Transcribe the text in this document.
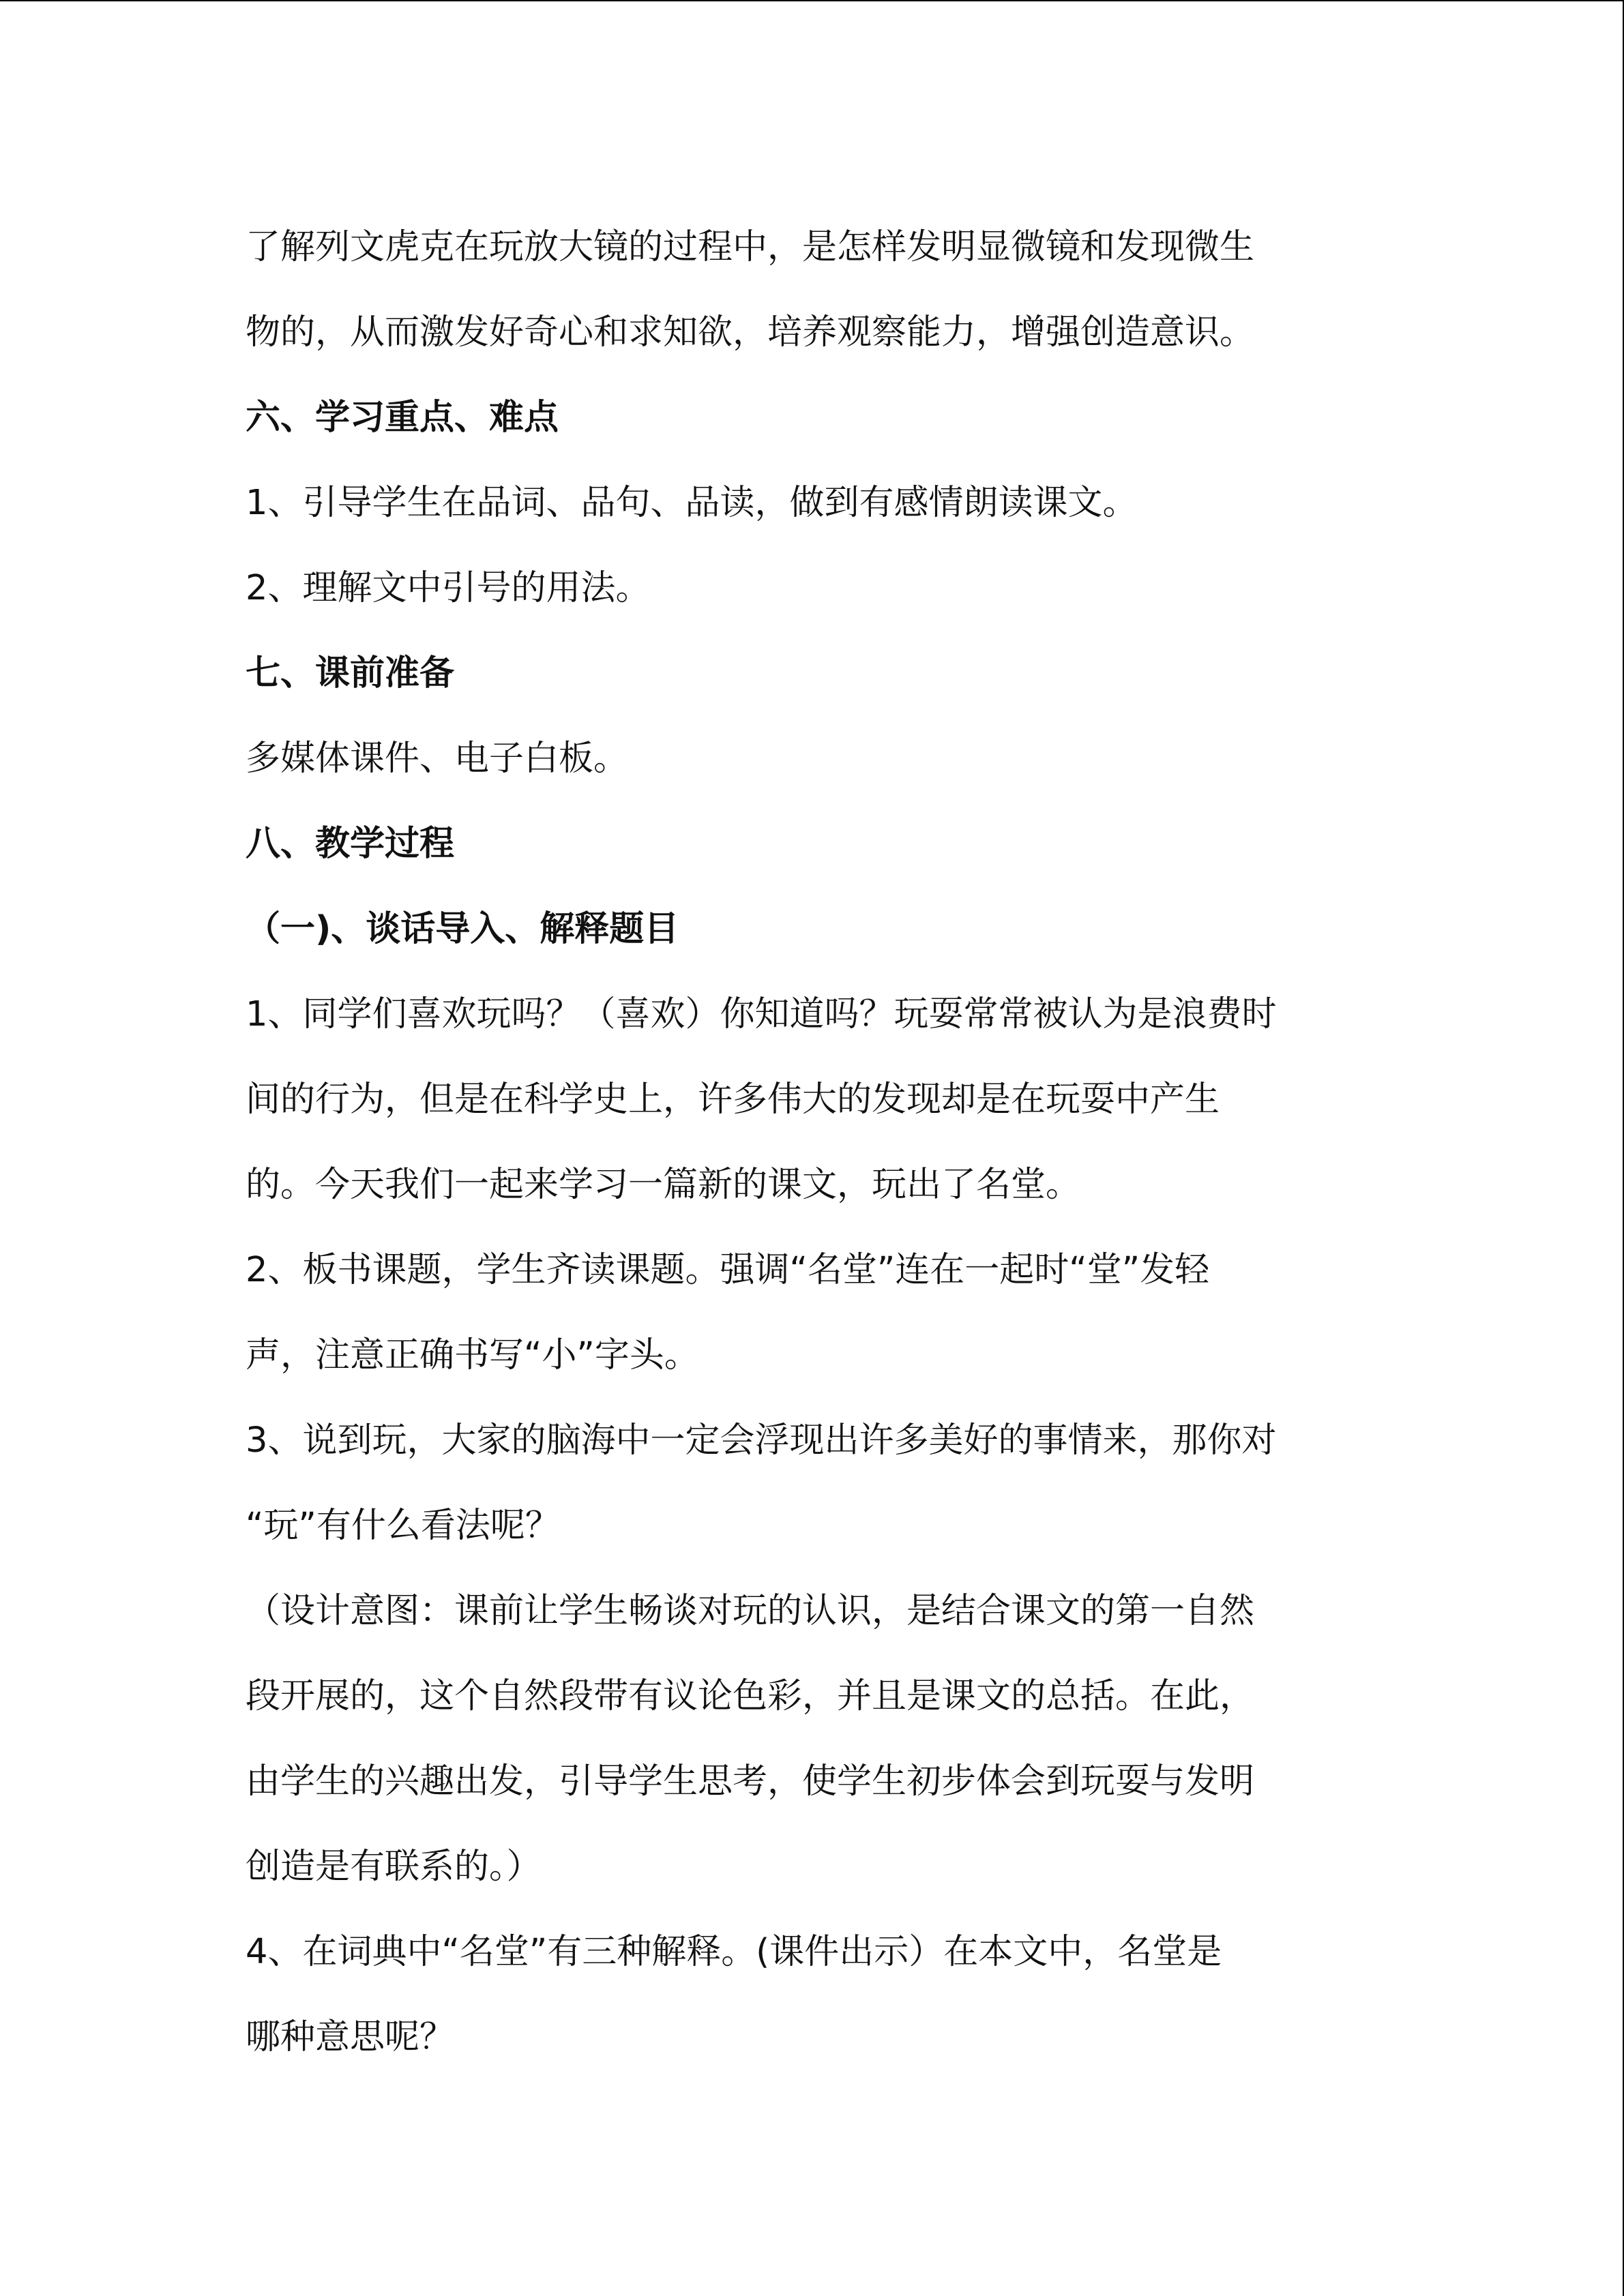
了解列文虎克在玩放大镜的过程中，是怎样发明显微镜和发现微生
物的，从而激发好奇心和求知欲，培养观察能力，增强创造意识。
六、学习重点、难点
1、引导学生在品词、品句、品读，做到有感情朗读课文。
2、理解文中引号的用法。
七、课前准备
多媒体课件、电子白板。
八、教学过程
（一)、谈话导入、解释题目
1、同学们喜欢玩吗？（喜欢）你知道吗？玩耍常常被认为是浪费时
间的行为，但是在科学史上，许多伟大的发现却是在玩耍中产生
的。今天我们一起来学习一篇新的课文，玩出了名堂。
2、板书课题，学生齐读课题。强调“名堂”连在一起时“堂”发轻
声，注意正确书写“小”字头。
3、说到玩，大家的脑海中一定会浮现出许多美好的事情来，那你对
“玩”有什么看法呢？
（设计意图：课前让学生畅谈对玩的认识，是结合课文的第一自然
段开展的，这个自然段带有议论色彩，并且是课文的总括。在此，
由学生的兴趣出发，引导学生思考，使学生初步体会到玩耍与发明
创造是有联系的。）
4、在词典中“名堂”有三种解释。(课件出示）在本文中，名堂是
哪种意思呢？
